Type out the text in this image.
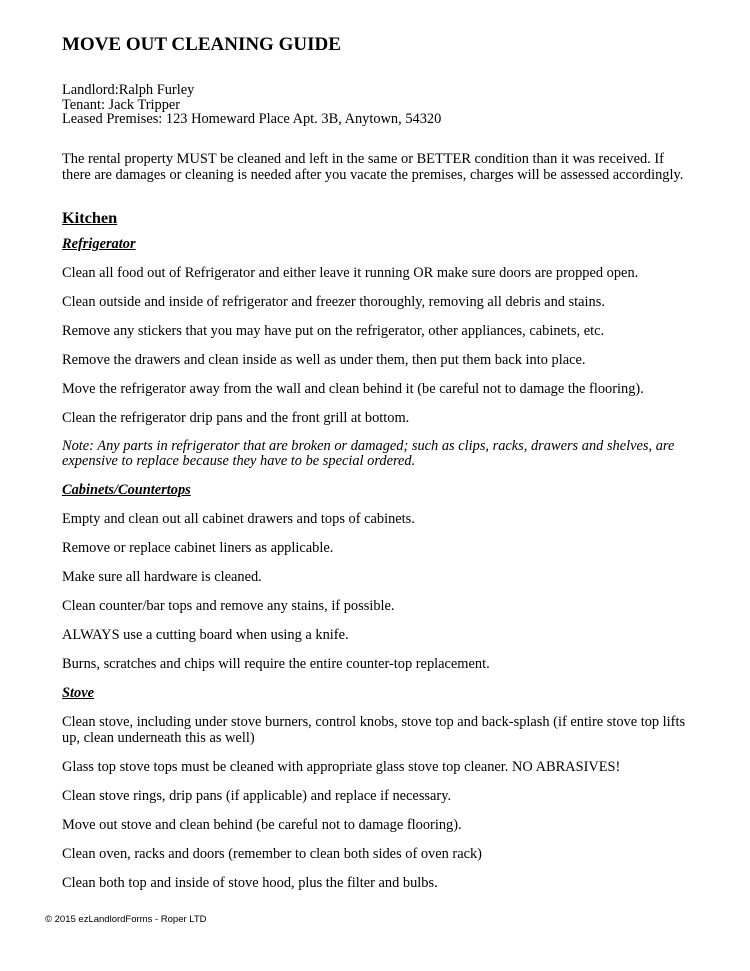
MOVE OUT CLEANING GUIDE
Landlord:Ralph Furley
Tenant: Jack Tripper
Leased Premises: 123 Homeward Place Apt. 3B, Anytown, 54320
The rental property MUST be cleaned and left in the same or BETTER condition than it was received. If there are damages or cleaning is needed after you vacate the premises, charges will be assessed accordingly.
Kitchen
Refrigerator
Clean all food out of Refrigerator and either leave it running OR make sure doors are propped open.
Clean outside and inside of refrigerator and freezer thoroughly, removing all debris and stains.
Remove any stickers that you may have put on the refrigerator, other appliances, cabinets, etc.
Remove the drawers and clean inside as well as under them, then put them back into place.
Move the refrigerator away from the wall and clean behind it (be careful not to damage the flooring).
Clean the refrigerator drip pans and the front grill at bottom.
Note: Any parts in refrigerator that are broken or damaged; such as clips, racks, drawers and shelves, are expensive to replace because they have to be special ordered.
Cabinets/Countertops
Empty and clean out all cabinet drawers and tops of cabinets.
Remove or replace cabinet liners as applicable.
Make sure all hardware is cleaned.
Clean counter/bar tops and remove any stains, if possible.
ALWAYS use a cutting board when using a knife.
Burns, scratches and chips will require the entire counter-top replacement.
Stove
Clean stove, including under stove burners, control knobs, stove top and back-splash (if entire stove top lifts up, clean underneath this as well)
Glass top stove tops must be cleaned with appropriate glass stove top cleaner. NO ABRASIVES!
Clean stove rings, drip pans (if applicable) and replace if necessary.
Move out stove and clean behind (be careful not to damage flooring).
Clean oven, racks and doors (remember to clean both sides of oven rack)
Clean both top and inside of stove hood, plus the filter and bulbs.
© 2015 ezLandlordForms - Roper LTD
